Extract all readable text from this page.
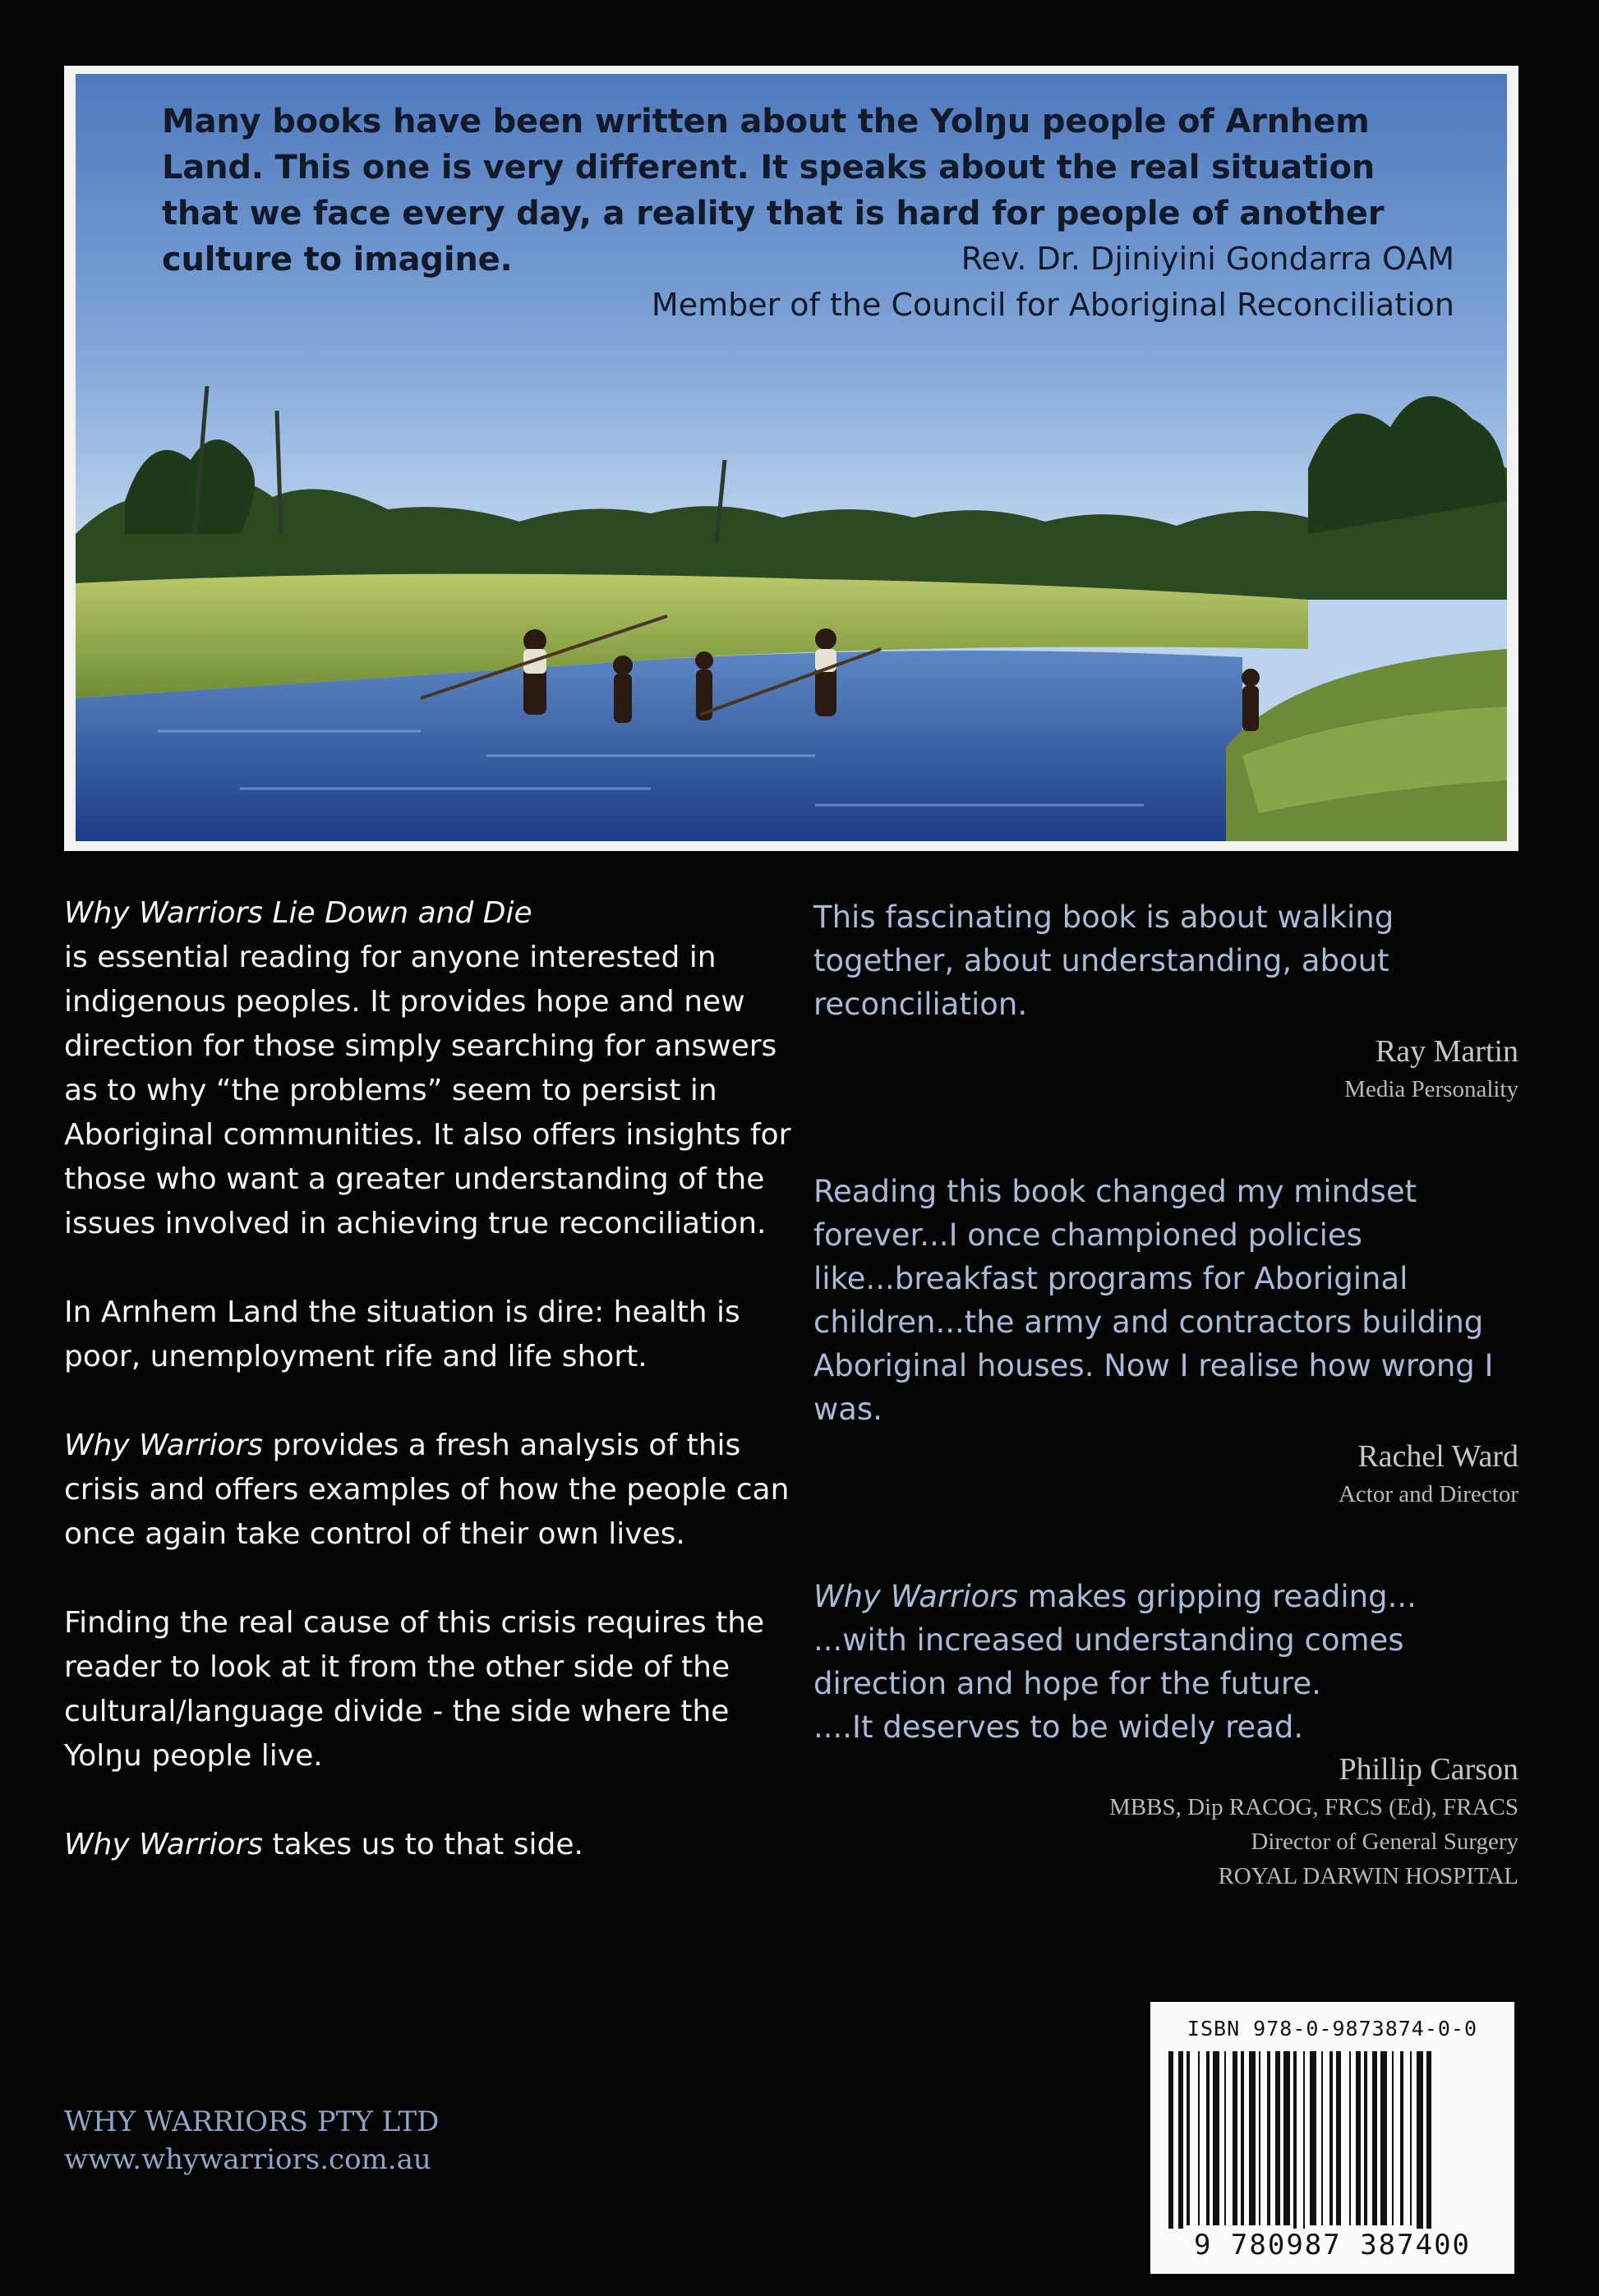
Many books have been written about the Yolŋu people of Arnhem Land. This one is very different. It speaks about the real situation that we face every day, a reality that is hard for people of another culture to imagine.	Rev. Dr. Djiniyini Gondarra OAM
Member of the Council for Aboriginal Reconciliation

Why Warriors Lie Down and Die
is essential reading for anyone interested in indigenous peoples. It provides hope and new direction for those simply searching for answers as to why “the problems” seem to persist in Aboriginal communities. It also offers insights for those who want a greater understanding of the issues involved in achieving true reconciliation.

In Arnhem Land the situation is dire: health is poor, unemployment rife and life short.

Why Warriors provides a fresh analysis of this crisis and offers examples of how the people can once again take control of their own lives.

Finding the real cause of this crisis requires the reader to look at it from the other side of the cultural/language divide - the side where the Yolŋu people live.

Why Warriors takes us to that side.

WHY WARRIORS PTY LTD
www.whywarriors.com.au

This fascinating book is about walking together, about understanding, about reconciliation.

Ray Martin
Media Personality

Reading this book changed my mindset forever...I once championed policies like...breakfast programs for Aboriginal children...the army and contractors building Aboriginal houses. Now I realise how wrong I was.

Rachel Ward
Actor and Director

Why Warriors makes gripping reading...
...with increased understanding comes direction and hope for the future.
....It deserves to be widely read.

Phillip Carson
MBBS, Dip RACOG, FRCS (Ed), FRACS
Director of General Surgery
ROYAL DARWIN HOSPITAL
ISBN 978-0-9873874-0-0
9 780987 387400
